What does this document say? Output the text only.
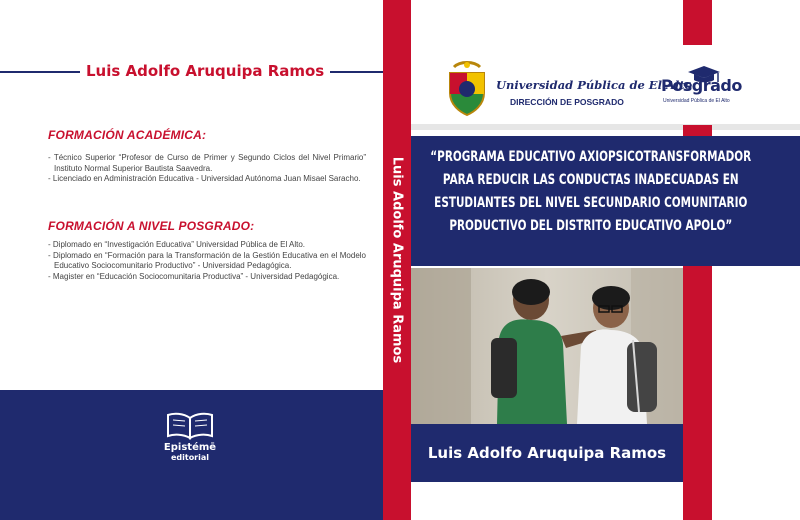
Luis Adolfo Aruquipa Ramos
FORMACIÓN ACADÉMICA:
- Técnico Superior “Profesor de Curso de Primer y Segundo Ciclos del Nivel Primario” Instituto Normal Superior Bautista Saavedra.
- Licenciado en Administración Educativa - Universidad Autónoma Juan Misael Saracho.
FORMACIÓN A NIVEL POSGRADO:
- Diplomado en “Investigación Educativa” Universidad Pública de El Alto.
- Diplomado en “Formación para la Transformación de la Gestión Educativa en el Modelo Educativo Sociocomunitario Productivo” - Universidad Pedagógica.
- Magister en “Educación Sociocomunitaria Productiva” - Universidad Pedagógica.
Epistémē
editorial
Luis Adolfo Aruquipa Ramos
Universidad Pública de El Alto
DIRECCIÓN DE POSGRADO
Posgrado
Universidad Pública de El Alto
“PROGRAMA EDUCATIVO AXIOPSICOTRANSFORMADOR PARA REDUCIR LAS CONDUCTAS INADECUADAS EN ESTUDIANTES DEL NIVEL SECUNDARIO COMUNITARIO PRODUCTIVO DEL DISTRITO EDUCATIVO APOLO”
Luis Adolfo Aruquipa Ramos
